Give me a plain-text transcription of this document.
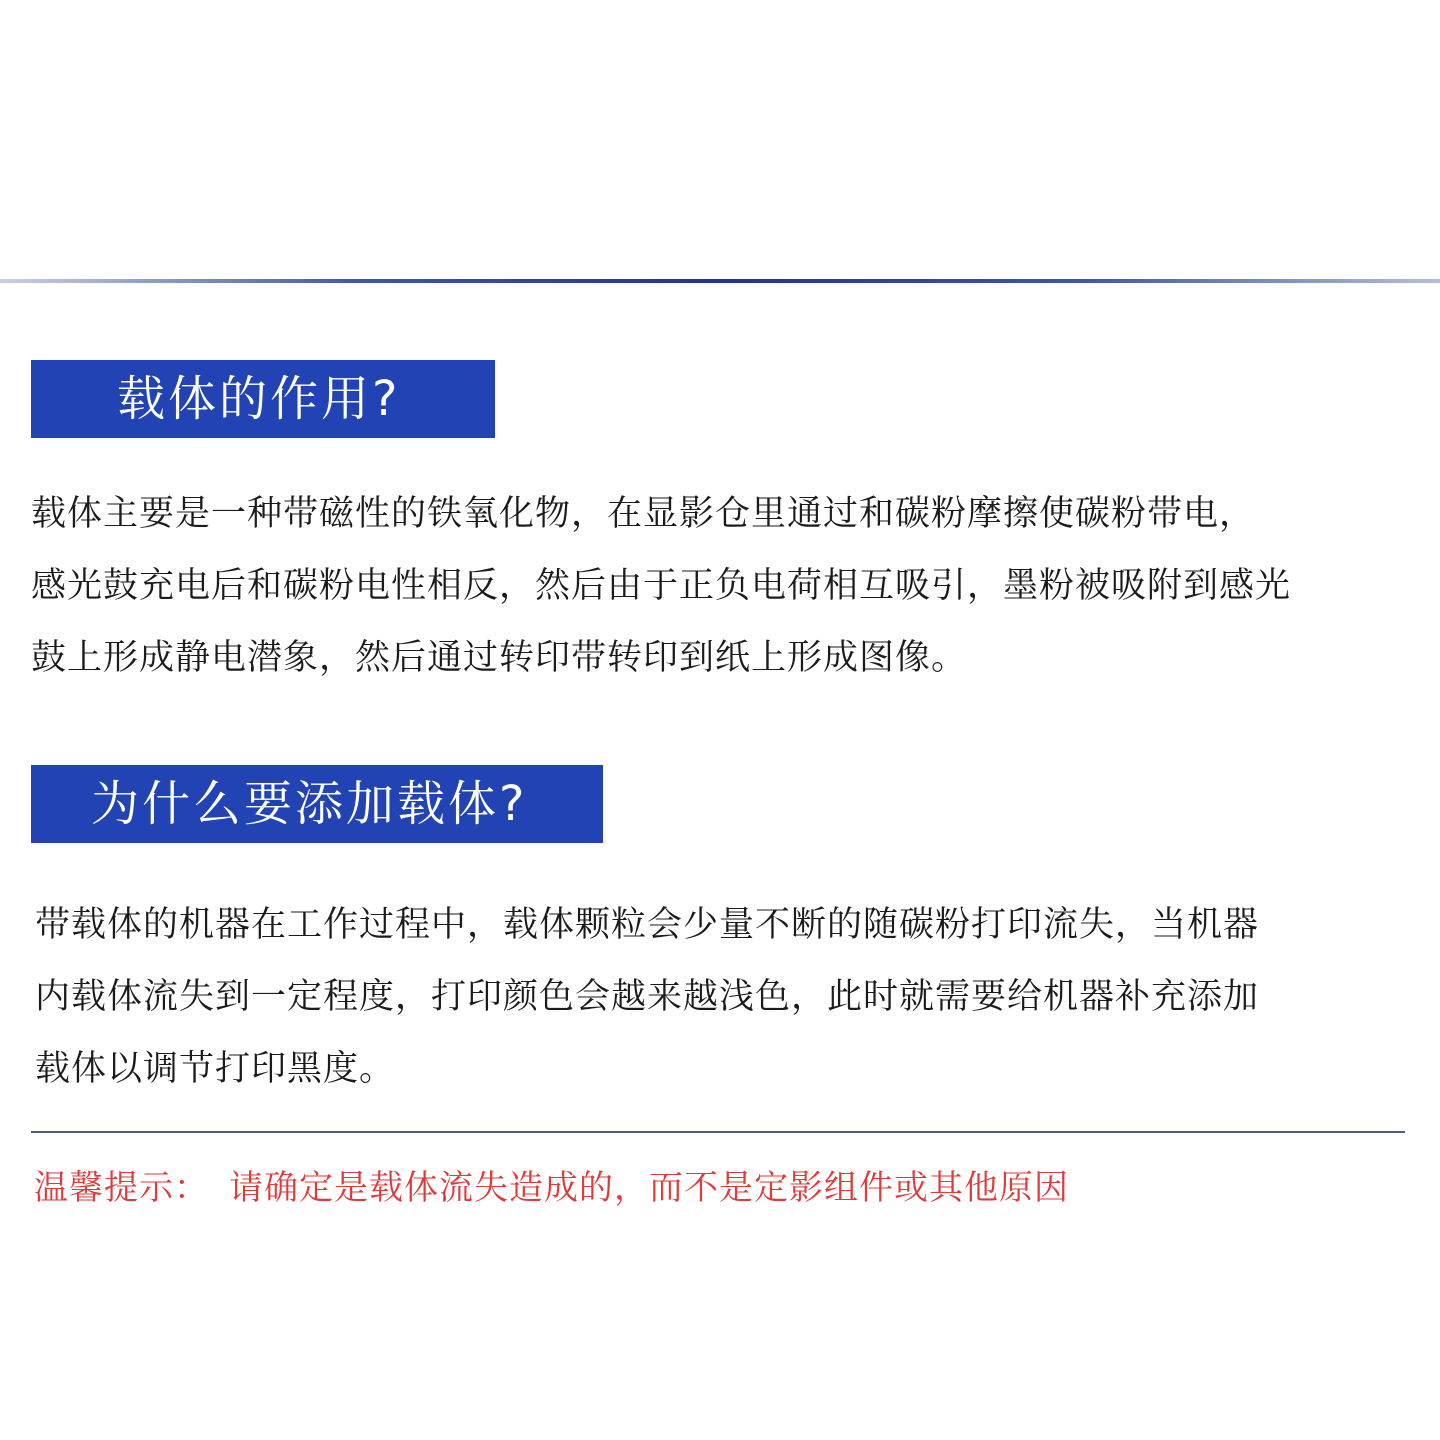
载体的作用?
载体主要是一种带磁性的铁氧化物，在显影仓里通过和碳粉摩擦使碳粉带电，
感光鼓充电后和碳粉电性相反，然后由于正负电荷相互吸引，墨粉被吸附到感光
鼓上形成静电潜象，然后通过转印带转印到纸上形成图像。
为什么要添加载体?
带载体的机器在工作过程中，载体颗粒会少量不断的随碳粉打印流失，当机器
内载体流失到一定程度，打印颜色会越来越浅色，此时就需要给机器补充添加
载体以调节打印黑度。
温馨提示： 请确定是载体流失造成的，而不是定影组件或其他原因
